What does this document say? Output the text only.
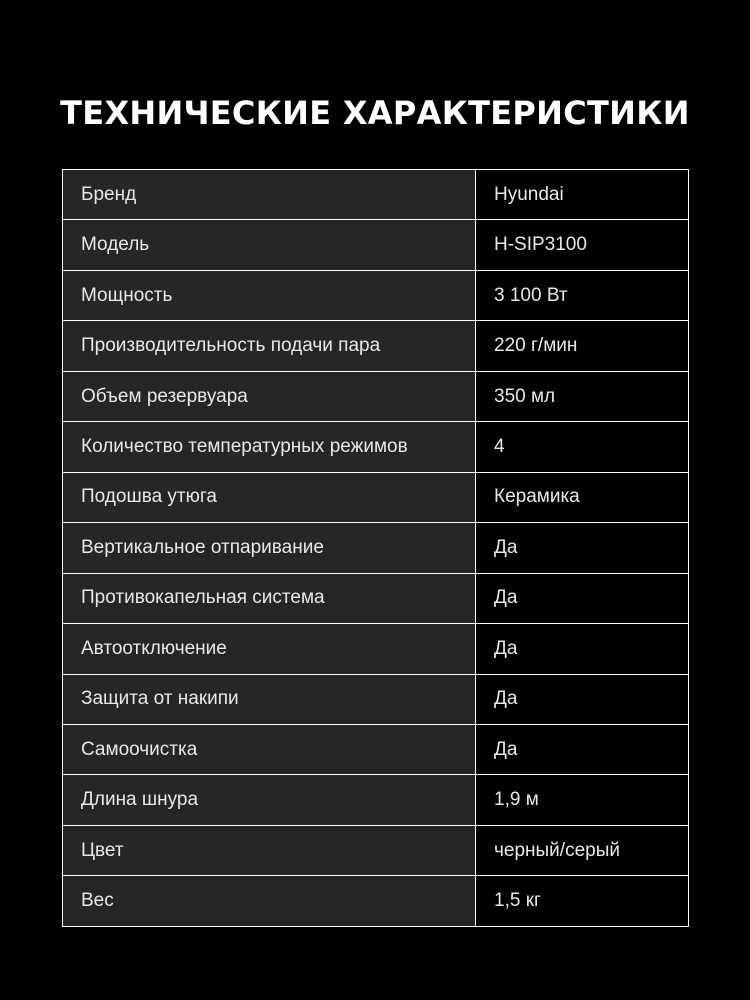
ТЕХНИЧЕСКИЕ ХАРАКТЕРИСТИКИ
Бренд	Hyundai
Модель	H-SIP3100
Мощность	3 100 Вт
Производительность подачи пара	220 г/мин
Объем резервуара	350 мл
Количество температурных режимов	4
Подошва утюга	Керамика
Вертикальное отпаривание	Да
Противокапельная система	Да
Автоотключение	Да
Защита от накипи	Да
Самоочистка	Да
Длина шнура	1,9 м
Цвет	черный/серый
Вес	1,5 кг
